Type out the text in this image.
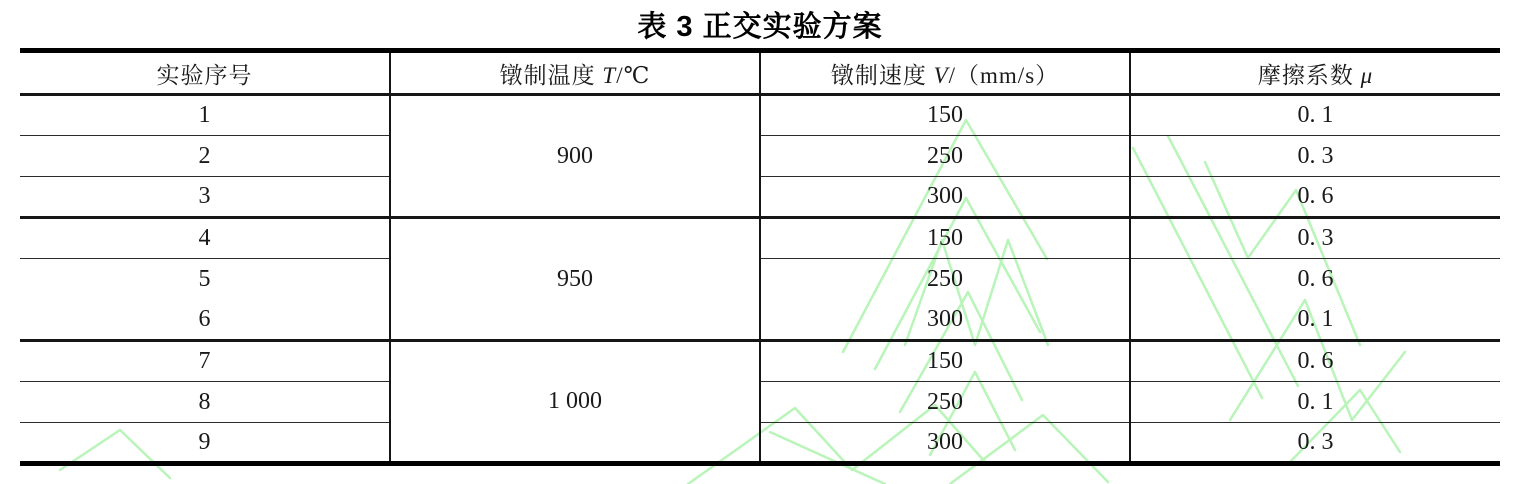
表 3 正交实验方案
实验序号	镦制温度 T/℃	镦制速度 V/（mm/s）	摩擦系数 μ
1	900	150	0. 1
2		250	0. 3
3		300	0. 6
4	950	150	0. 3
5		250	0. 6
6		300	0. 1
7	1 000	150	0. 6
8		250	0. 1
9		300	0. 3
